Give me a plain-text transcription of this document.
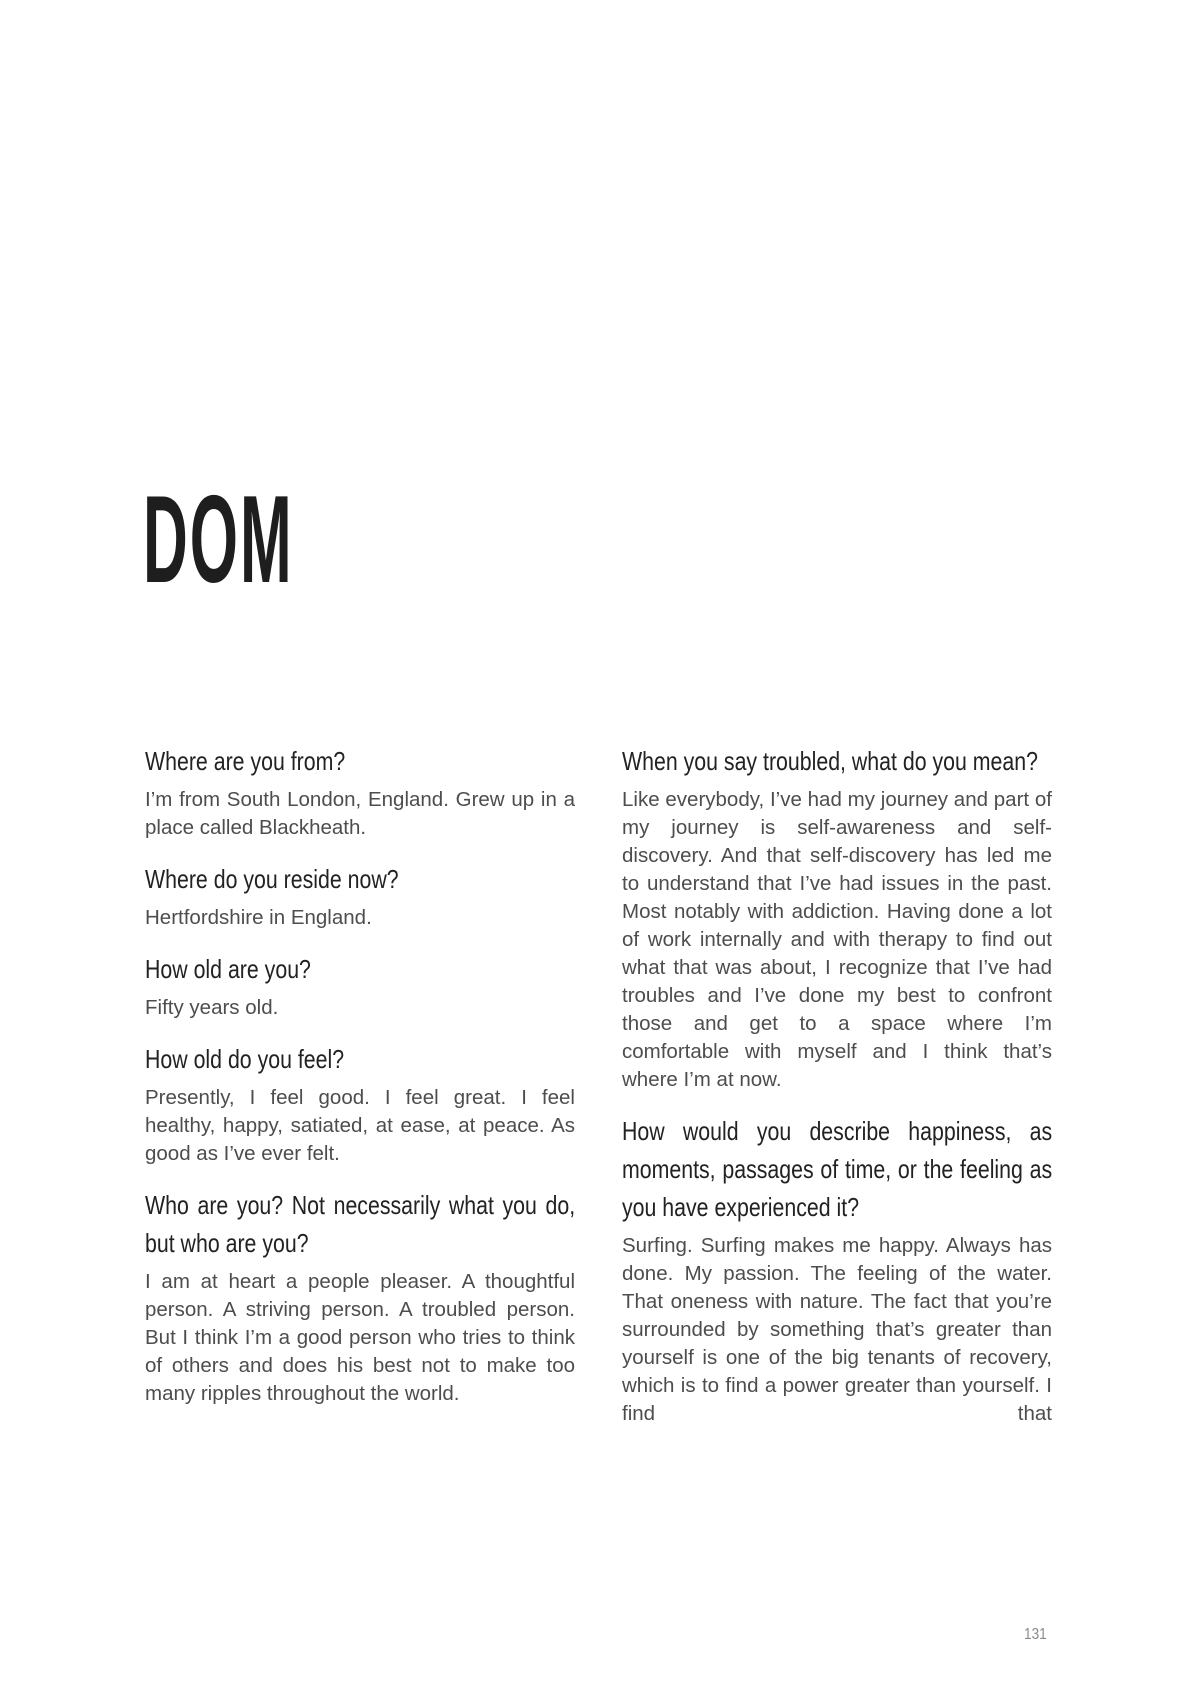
DOM
Where are you from?

I’m from South London, England. Grew up in a place called Blackheath.

Where do you reside now?

Hertfordshire in England.

How old are you?

Fifty years old.

How old do you feel?

Presently, I feel good. I feel great. I feel healthy, happy, satiated, at ease, at peace. As good as I’ve ever felt.

Who are you? Not necessarily what you do, but who are you?

I am at heart a people pleaser. A thoughtful person. A striving person. A troubled person. But I think I’m a good person who tries to think of others and does his best not to make too many ripples throughout the world.

When you say troubled, what do you mean?

Like everybody, I’ve had my journey and part of my journey is self-awareness and self-discovery. And that self-discovery has led me to understand that I’ve had issues in the past. Most notably with addiction. Having done a lot of work internally and with therapy to find out what that was about, I recognize that I’ve had troubles and I’ve done my best to confront those and get to a space where I’m comfortable with myself and I think that’s where I’m at now.

How would you describe happiness, as moments, passages of time, or the feeling as you have experienced it?

Surfing. Surfing makes me happy. Always has done. My passion. The feeling of the water. That oneness with nature. The fact that you’re surrounded by something that’s greater than yourself is one of the big tenants of recovery, which is to find a power greater than yourself. I find that

131
